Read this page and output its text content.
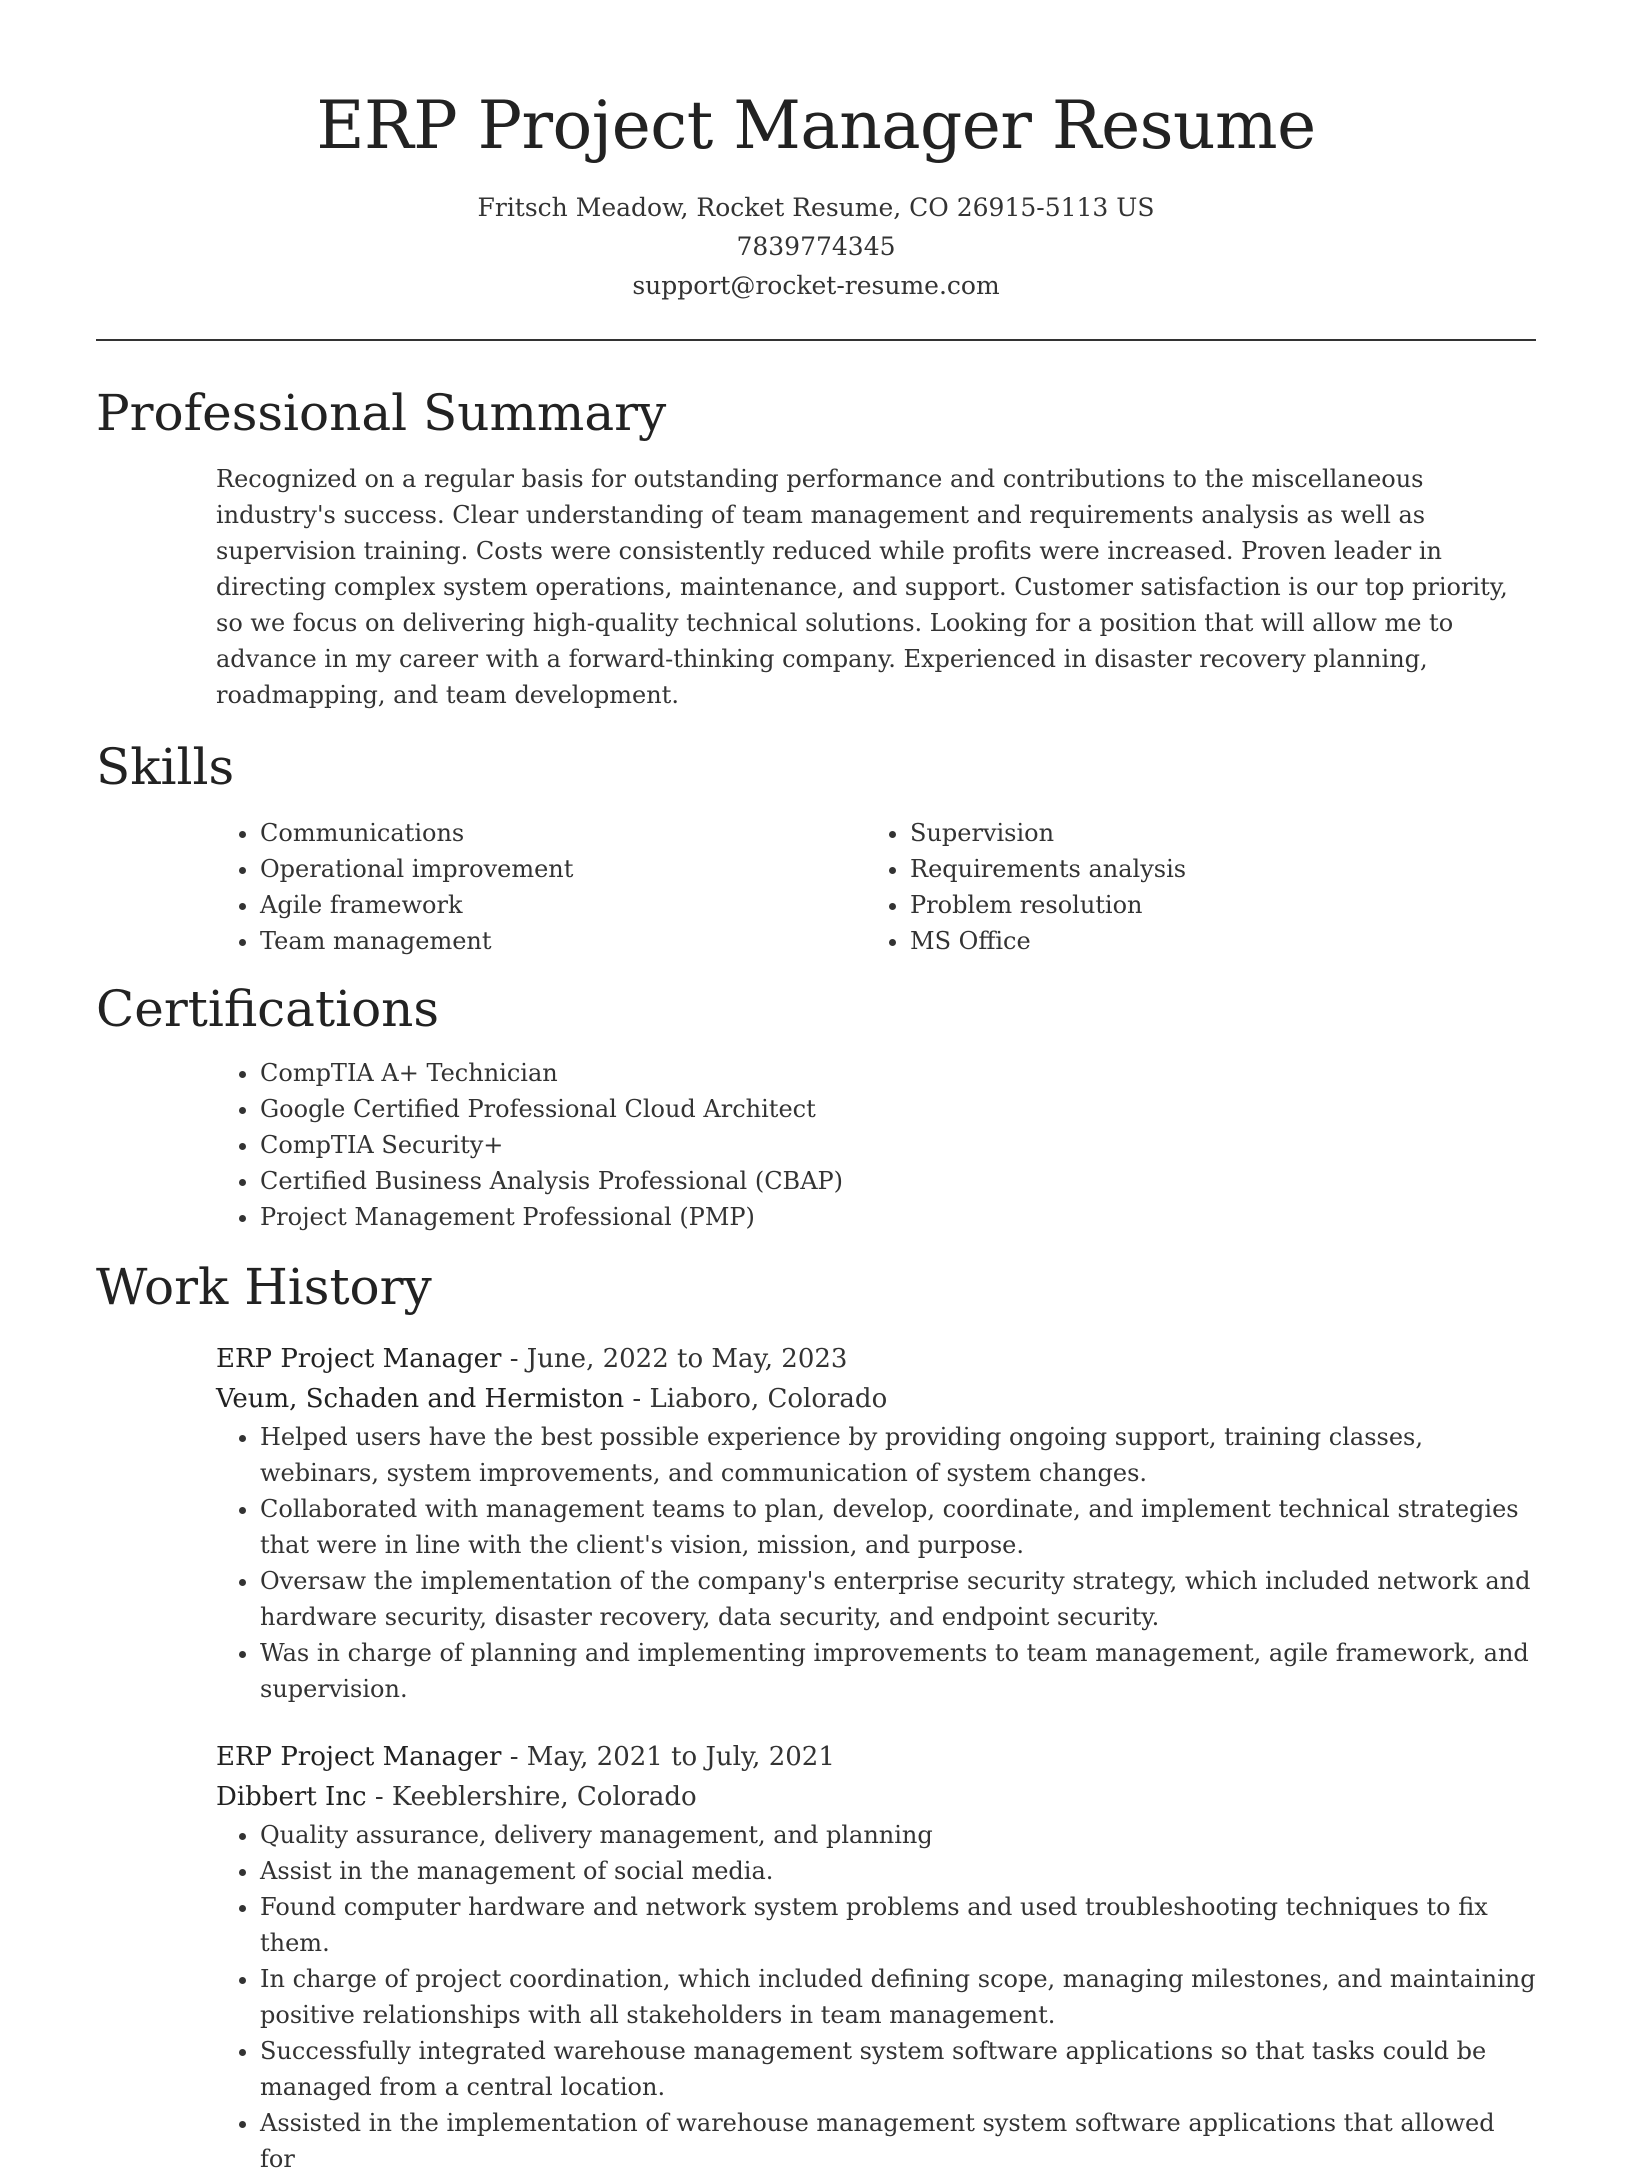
ERP Project Manager Resume
Fritsch Meadow, Rocket Resume, CO 26915-5113 US
7839774345
support@rocket-resume.com
Professional Summary

Recognized on a regular basis for outstanding performance and contributions to the miscellaneous industry's success. Clear understanding of team management and requirements analysis as well as supervision training. Costs were consistently reduced while profits were increased. Proven leader in directing complex system operations, maintenance, and support. Customer satisfaction is our top priority, so we focus on delivering high-quality technical solutions. Looking for a position that will allow me to advance in my career with a forward-thinking company. Experienced in disaster recovery planning, roadmapping, and team development.

Skills
• Communications
• Operational improvement
• Agile framework
• Team management
• Supervision
• Requirements analysis
• Problem resolution
• MS Office
Certifications
• CompTIA A+ Technician
• Google Certified Professional Cloud Architect
• CompTIA Security+
• Certified Business Analysis Professional (CBAP)
• Project Management Professional (PMP)
Work History
ERP Project Manager - June, 2022 to May, 2023
Veum, Schaden and Hermiston - Liaboro, Colorado
• Helped users have the best possible experience by providing ongoing support, training classes, webinars, system improvements, and communication of system changes.
• Collaborated with management teams to plan, develop, coordinate, and implement technical strategies that were in line with the client's vision, mission, and purpose.
• Oversaw the implementation of the company's enterprise security strategy, which included network and hardware security, disaster recovery, data security, and endpoint security.
• Was in charge of planning and implementing improvements to team management, agile framework, and supervision.
ERP Project Manager - May, 2021 to July, 2021
Dibbert Inc - Keeblershire, Colorado
• Quality assurance, delivery management, and planning
• Assist in the management of social media.
• Found computer hardware and network system problems and used troubleshooting techniques to fix them.
• In charge of project coordination, which included defining scope, managing milestones, and maintaining positive relationships with all stakeholders in team management.
• Successfully integrated warehouse management system software applications so that tasks could be managed from a central location.
• Assisted in the implementation of warehouse management system software applications that allowed for
